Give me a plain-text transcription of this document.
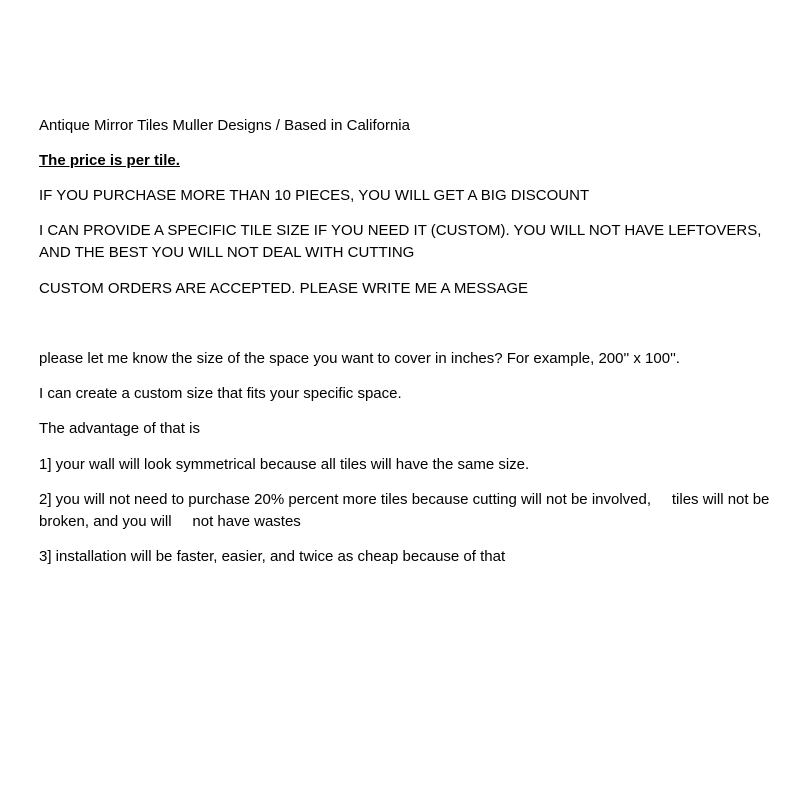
Antique Mirror Tiles Muller Designs / Based in California

The price is per tile.

IF YOU PURCHASE MORE THAN 10 PIECES, YOU WILL GET A BIG DISCOUNT

I CAN PROVIDE A SPECIFIC TILE SIZE IF YOU NEED IT (CUSTOM). YOU WILL NOT HAVE LEFTOVERS, AND THE BEST YOU WILL NOT DEAL WITH CUTTING

CUSTOM ORDERS ARE ACCEPTED. PLEASE WRITE ME A MESSAGE

please let me know the size of the space you want to cover in inches? For example, 200'' x 100''.

I can create a custom size that fits your specific space.

The advantage of that is

1] your wall will look symmetrical because all tiles will have the same size.

2] you will not need to purchase 20% percent more tiles because cutting will not be involved,     tiles will not be broken, and you will     not have wastes

3] installation will be faster, easier, and twice as cheap because of that
